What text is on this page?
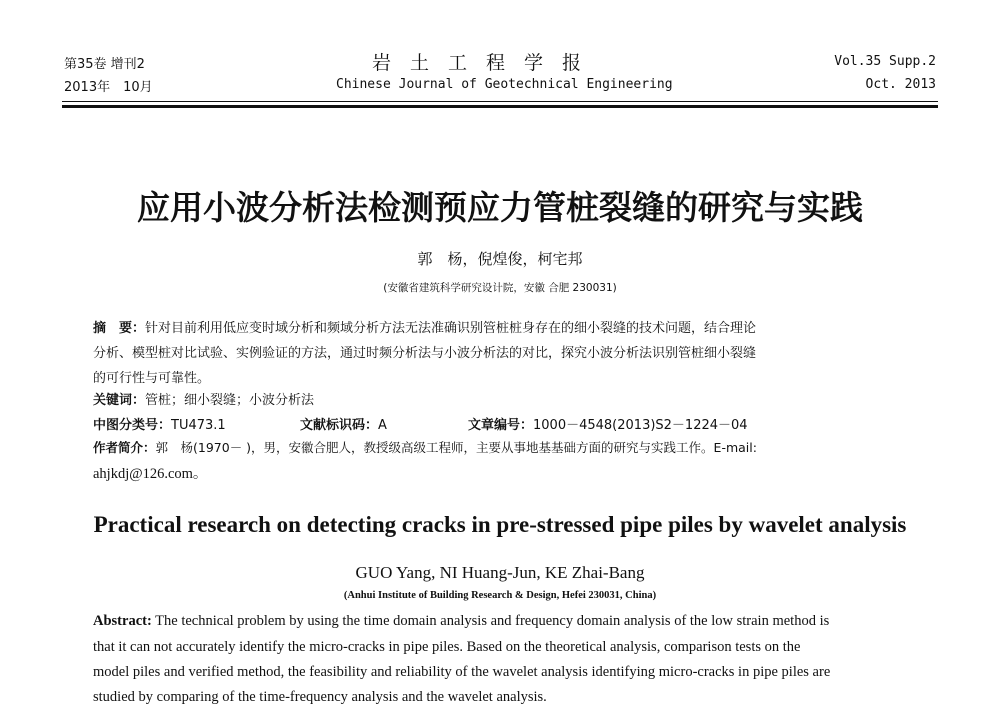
第35卷 增刊2
2013年　10月
岩　土　工　程　学　报
Chinese Journal of Geotechnical Engineering
Vol.35 Supp.2
Oct. 2013
应用小波分析法检测预应力管桩裂缝的研究与实践
郭　杨，倪煌俊，柯宅邦
(安徽省建筑科学研究设计院，安徽 合肥 230031)
摘　要：针对目前利用低应变时域分析和频域分析方法无法准确识别管桩桩身存在的细小裂缝的技术问题，结合理论
分析、模型桩对比试验、实例验证的方法，通过时频分析法与小波分析法的对比，探究小波分析法识别管桩细小裂缝
的可行性与可靠性。
关键词：管桩；细小裂缝；小波分析法
中图分类号：TU473.1	文献标识码：A	文章编号：1000－4548(2013)S2－1224－04
作者简介：郭　杨(1970－ )，男，安徽合肥人，教授级高级工程师，主要从事地基基础方面的研究与实践工作。E-mail:
ahjkdj@126.com。
Practical research on detecting cracks in pre-stressed pipe piles by wavelet analysis
GUO Yang, NI Huang-Jun, KE Zhai-Bang
(Anhui Institute of Building Research & Design, Hefei 230031, China)
Abstract: The technical problem by using the time domain analysis and frequency domain analysis of the low strain method is
that it can not accurately identify the micro-cracks in pipe piles. Based on the theoretical analysis, comparison tests on the
model piles and verified method, the feasibility and reliability of the wavelet analysis identifying micro-cracks in pipe piles are
studied by comparing of the time-frequency analysis and the wavelet analysis.
